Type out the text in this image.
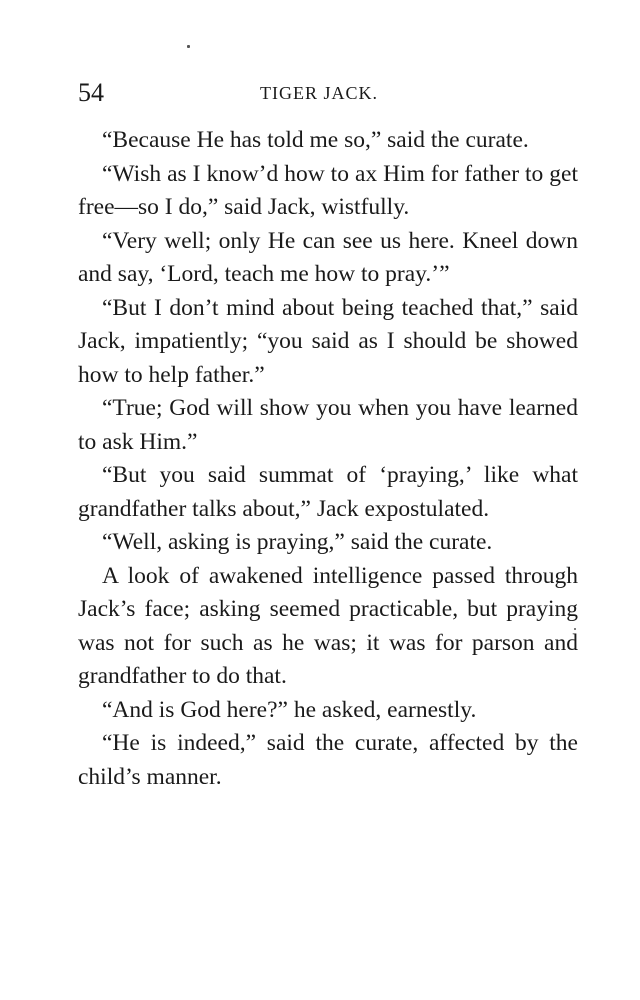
54	TIGER JACK.

“Because He has told me so,” said the curate.

“Wish as I know’d how to ax Him for father to get free—so I do,” said Jack, wistfully.

“Very well; only He can see us here. Kneel down and say, ‘Lord, teach me how to pray.’”

“But I don’t mind about being teached that,” said Jack, impatiently; “you said as I should be showed how to help father.”

“True; God will show you when you have learned to ask Him.”

“But you said summat of ‘praying,’ like what grandfather talks about,” Jack expostulated.

“Well, asking is praying,” said the curate.

A look of awakened intelligence passed through Jack’s face; asking seemed practicable, but praying was not for such as he was; it was for parson and grandfather to do that.

“And is God here?” he asked, earnestly.

“He is indeed,” said the curate, affected by the child’s manner.
